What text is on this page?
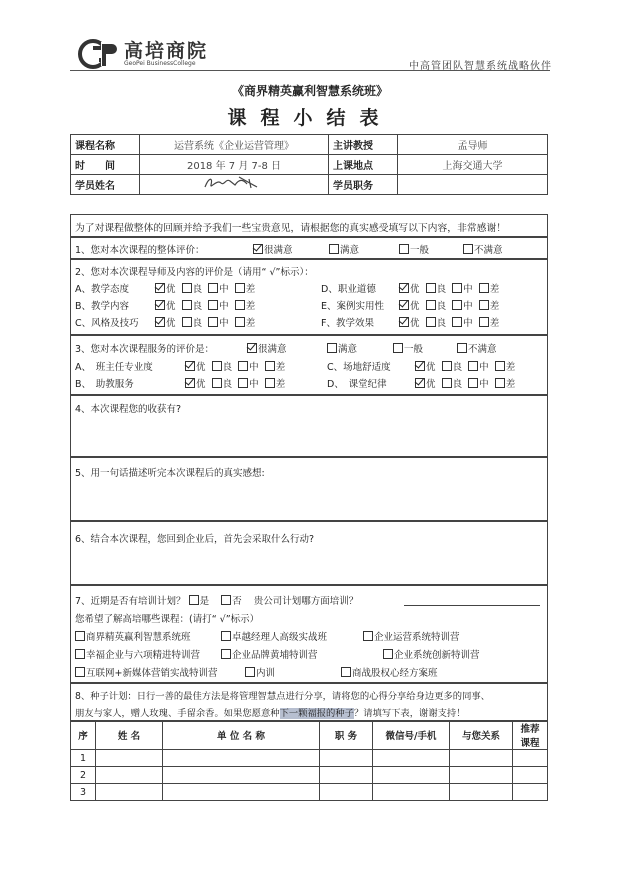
高培商院
GeoPei BusinessCollege	中高管团队智慧系统战略伙伴
《商界精英赢利智慧系统班》
课程小结表
课程名称	运营系统《企业运营管理》	主讲教授	孟导师
时　　间	2018 年 7 月 7-8 日	上课地点	上海交通大学
学员姓名		学员职务	
为了对课程做整体的回顾并给予我们一些宝贵意见，请根据您的真实感受填写以下内容，非常感谢！
1、您对本次课程的整体评价：	很满意	满意	一般	不满意
2、您对本次课程导师及内容的评价是（请用“ √”标示）：
A、教学态度	优 良 中 差	D、职业道德	优 良 中 差
B、教学内容	优 良 中 差	E、案例实用性	优 良 中 差
C、风格及技巧	优 良 中 差	F、教学效果	优 良 中 差
3、您对本次课程服务的评价是：	很满意	满意	一般	不满意
A、　班主任专业度	优 良 中 差	C、场地舒适度	优 良 中 差
B、　助教服务	优 良 中 差	D、　课堂纪律	优 良 中 差
4、本次课程您的收获有?
5、用一句话描述听完本次课程后的真实感想:
6、结合本次课程，您回到企业后，首先会采取什么行动?
7、近期是否有培训计划？ 是 否 贵公司计划哪方面培训？
您希望了解高培哪些课程：(请打“ √”标示）
商界精英赢利智慧系统班	卓越经理人高级实战班	企业运营系统特训营
幸福企业与六项精进特训营	企业品牌黄埔特训营	企业系统创新特训营
互联网+新媒体营销实战特训营	内训	商战股权心经方案班
8、种子计划：日行一善的最佳方法是将管理智慧点进行分享，请将您的心得分享给身边更多的同事、
朋友与家人，赠人玫瑰、手留余香。如果您愿意种下一颗福报的种子？请填写下表，谢谢支持！
序	姓 名	单 位 名 称	职 务	微信号/手机	与您关系	推荐课程
1						
2						
3						
